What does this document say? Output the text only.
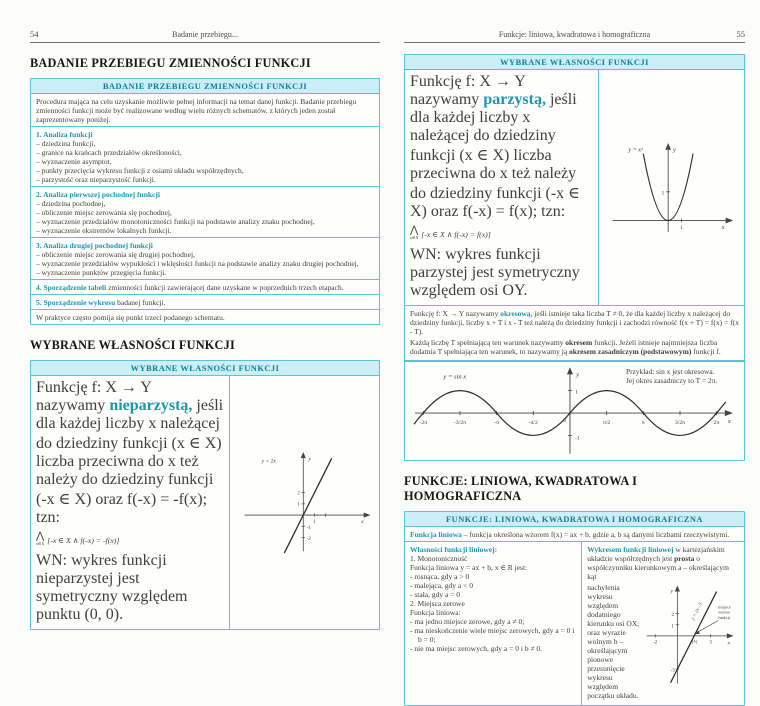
54	Badanie przebiegu...
BADANIE PRZEBIEGU ZMIENNOŚCI FUNKCJI
BADANIE PRZEBIEGU ZMIENNOŚCI FUNKCJI
Procedura mająca na celu uzyskanie możliwie pełnej informacji na temat danej funkcji. Badanie przebiegu zmienności funkcji może być realizowane według wielu różnych schematów, z których jeden został zaprezentowany poniżej.
1. Analiza funkcji
– dziedzina funkcji,
– granice na krańcach przedziałów określoności,
– wyznaczenie asymptot,
– punkty przecięcia wykresu funkcji z osiami układu współrzędnych,
– parzystość oraz nieparzystość funkcji.
2. Analiza pierwszej pochodnej funkcji
– dziedzina pochodnej,
– obliczenie miejsc zerowania się pochodnej,
– wyznaczenie przedziałów monotoniczności funkcji na podstawie analizy znaku pochodnej,
– wyznaczenie ekstremów lokalnych funkcji.
3. Analiza drugiej pochodnej funkcji
– obliczenie miejsc zerowania się drugiej pochodnej,
– wyznaczenie przedziałów wypukłości i wklęsłości funkcji na podstawie analizy znaku drugiej pochodnej,
– wyznaczenie punktów przegięcia funkcji.
4. Sporządzenie tabeli zmienności funkcji zawierającej dane uzyskane w poprzednich trzech etapach.
5. Sporządzenie wykresu badanej funkcji.
W praktyce często pomija się punkt trzeci podanego schematu.
WYBRANE WŁASNOŚCI FUNKCJI
WYBRANE WŁASNOŚCI FUNKCJI

Funkcję f: X → Y nazywamy nieparzystą, jeśli dla każdej liczby x należącej do dziedziny funkcji (x ∈ X) liczba przeciwna do x też należy do dziedziny funkcji (-x ∈ X) oraz f(-x) = -f(x); tzn:

⋀
x∈X [-x ∈ X ∧ f(-x) = -f(x)]

WN: wykres funkcji nieparzystej jest symetryczny względem punktu (0, 0).

y = 2x	y
x
2
1
-1
-2
1
Funkcje: liniowa, kwadratowa i homograficzna	55
WYBRANE WŁASNOŚCI FUNKCJI

Funkcję f: X → Y nazywamy parzystą, jeśli dla każdej liczby x należącej do dziedziny funkcji (x ∈ X) liczba przeciwna do x też należy do dziedziny funkcji (-x ∈ X) oraz f(-x) = f(x); tzn:

⋀
x∈X [-x ∈ X ∧ f(-x) = f(x)]

WN: wykres funkcji parzystej jest symetryczny względem osi OY.

y = x²	y
x
1
1

Funkcję f: X → Y nazywamy okresową, jeśli istnieje taka liczba T ≠ 0, że dla każdej liczby x należącej do dziedziny funkcji, liczby x + T i x - T też należą do dziedziny funkcji i zachodzi równość f(x + T) = f(x) = f(x - T).

Każdą liczbę T spełniającą ten warunek nazywamy okresem funkcji. Jeżeli istnieje najmniejsza liczba dodatnia T spełniająca ten warunek, to nazywamy ją okresem zasadniczym (podstawowym) funkcji f.

y = sin x	y
x
0
1
-1
-2π	-3/2π	-π	-π/2	π/2	π	3/2π	2π
Przykład: sin x jest okresowa.
Jej okres zasadniczy to T = 2π.
FUNKCJE: LINIOWA, KWADRATOWA I HOMOGRAFICZNA
FUNKCJE: LINIOWA, KWADRATOWA I HOMOGRAFICZNA
Funkcja liniowa – funkcja określona wzorem f(x) = ax + b, gdzie a, b są danymi liczbami rzeczywistymi.
Własności funkcji liniowej:
1. Monotoniczność
Funkcja liniowa y = ax + b, x ∈ R jest:
- rosnąca, gdy a > 0
- malejąca, gdy a < 0
- stała, gdy a = 0
2. Miejsca zerowe
Funkcja liniowa:
- ma jedno miejsce zerowe, gdy a ≠ 0;
- ma nieskończenie wiele miejsc zerowych, gdy a = 0 i b = 0;
- nie ma miejsc zerowych, gdy a = 0 i b ≠ 0.

Wykresem funkcji liniowej w kartezjańskim układzie współrzędnych jest prosta o współczynniku kierunkowym a – określającym kąt

y = 2x - 3
y
x
2
1
-3
-2	1½ 3
miejsce
zerowe
funkcji

nachylenia wykresu względem dodatniego kierunku osi OX; oraz wyrazie wolnym b – określającym pionowe przesunięcie wykresu względem początku układu.
